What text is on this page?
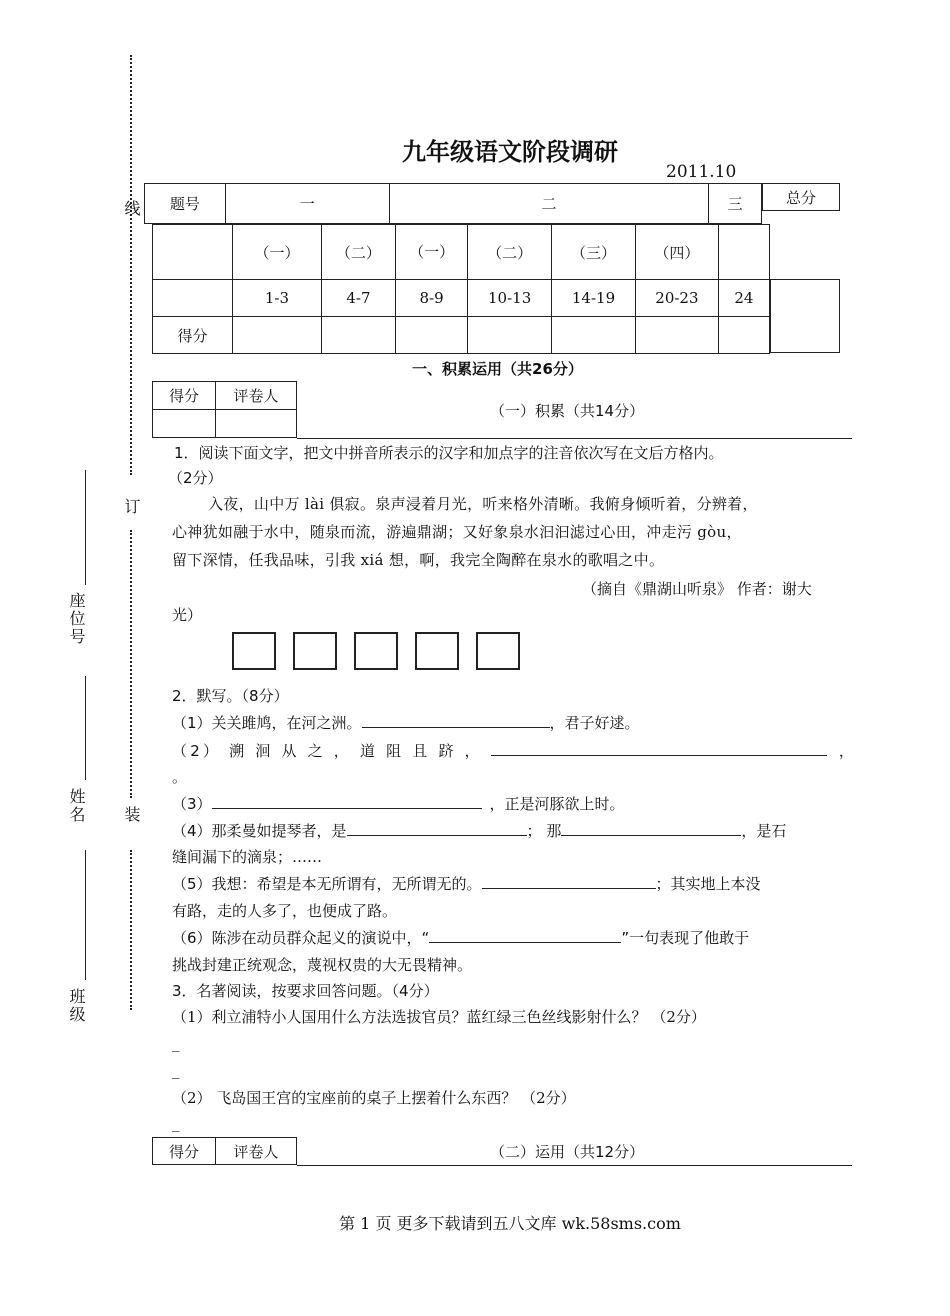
线
订
装
座位号
姓名
班级
九年级语文阶段调研
2011.10
题号	一	二	三	总分
	（一）	（二）	（一）	（二）	（三）	（四）	
	1-3	4-7	8-9	10-13	14-19	20-23	24
得分							
一、积累运用（共26分）
得分	评卷人

（一）积累（共14分）
1．阅读下面文字，把文中拼音所表示的汉字和加点字的注音依次写在文后方格内。
（2分）
入夜，山中万 lài 俱寂。泉声浸着月光，听来格外清晰。我俯身倾听着，分辨着，
心神犹如融于水中，随泉而流，游遍鼎湖；又好象泉水汩汩滤过心田，冲走污 gòu，
留下深情，任我品味，引我 xiá 想，啊，我完全陶醉在泉水的歌唱之中。
（摘自《鼎湖山听泉》 作者：谢大
光）
2．默写。（8分）
（1）关关雎鸠，在河之洲。	，君子好逑。
（2） 溯 洄 从 之 ， 道 阻 且 跻 ，	，
。
（3）	，正是河豚欲上时。
（4）那柔曼如提琴者，是	； 那	，是石
缝间漏下的滴泉；……
（5）我想：希望是本无所谓有，无所谓无的。	；其实地上本没
有路，走的人多了，也便成了路。
（6）陈涉在动员群众起义的演说中，“	”一句表现了他敢于
挑战封建正统观念，蔑视权贵的大无畏精神。
3．名著阅读，按要求回答问题。（4分）
（1）利立浦特小人国用什么方法选拔官员？蓝红绿三色丝线影射什么？ （2分）
_
_
（2） 飞岛国王宫的宝座前的桌子上摆着什么东西？ （2分）
_
得分	评卷人	（二）运用（共12分）
第 1 页 更多下载请到五八文库 wk.58sms.com
